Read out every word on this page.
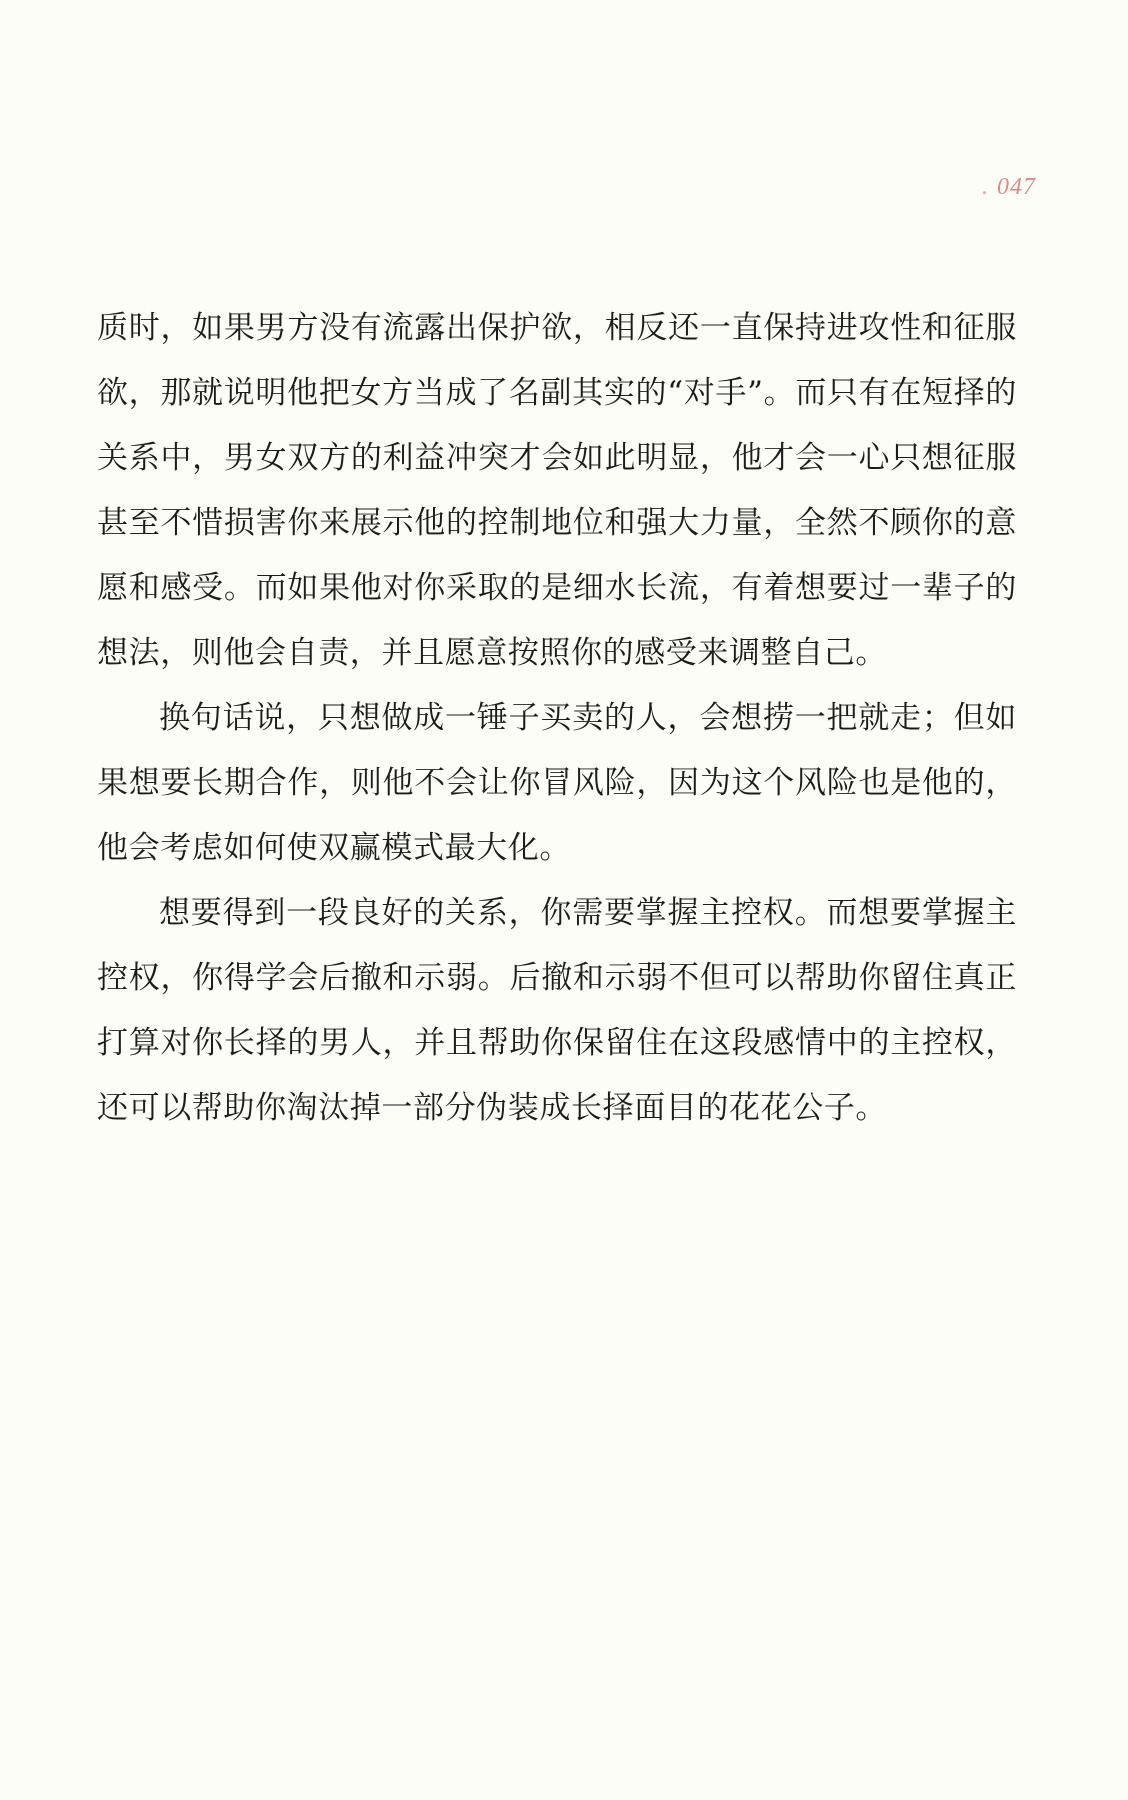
. 047

质时，如果男方没有流露出保护欲，相反还一直保持进攻性和征服欲，那就说明他把女方当成了名副其实的“对手”。而只有在短择的关系中，男女双方的利益冲突才会如此明显，他才会一心只想征服甚至不惜损害你来展示他的控制地位和强大力量，全然不顾你的意愿和感受。而如果他对你采取的是细水长流，有着想要过一辈子的想法，则他会自责，并且愿意按照你的感受来调整自己。

换句话说，只想做成一锤子买卖的人，会想捞一把就走；但如果想要长期合作，则他不会让你冒风险，因为这个风险也是他的，他会考虑如何使双赢模式最大化。

想要得到一段良好的关系，你需要掌握主控权。而想要掌握主控权，你得学会后撤和示弱。后撤和示弱不但可以帮助你留住真正打算对你长择的男人，并且帮助你保留住在这段感情中的主控权，还可以帮助你淘汰掉一部分伪装成长择面目的花花公子。
